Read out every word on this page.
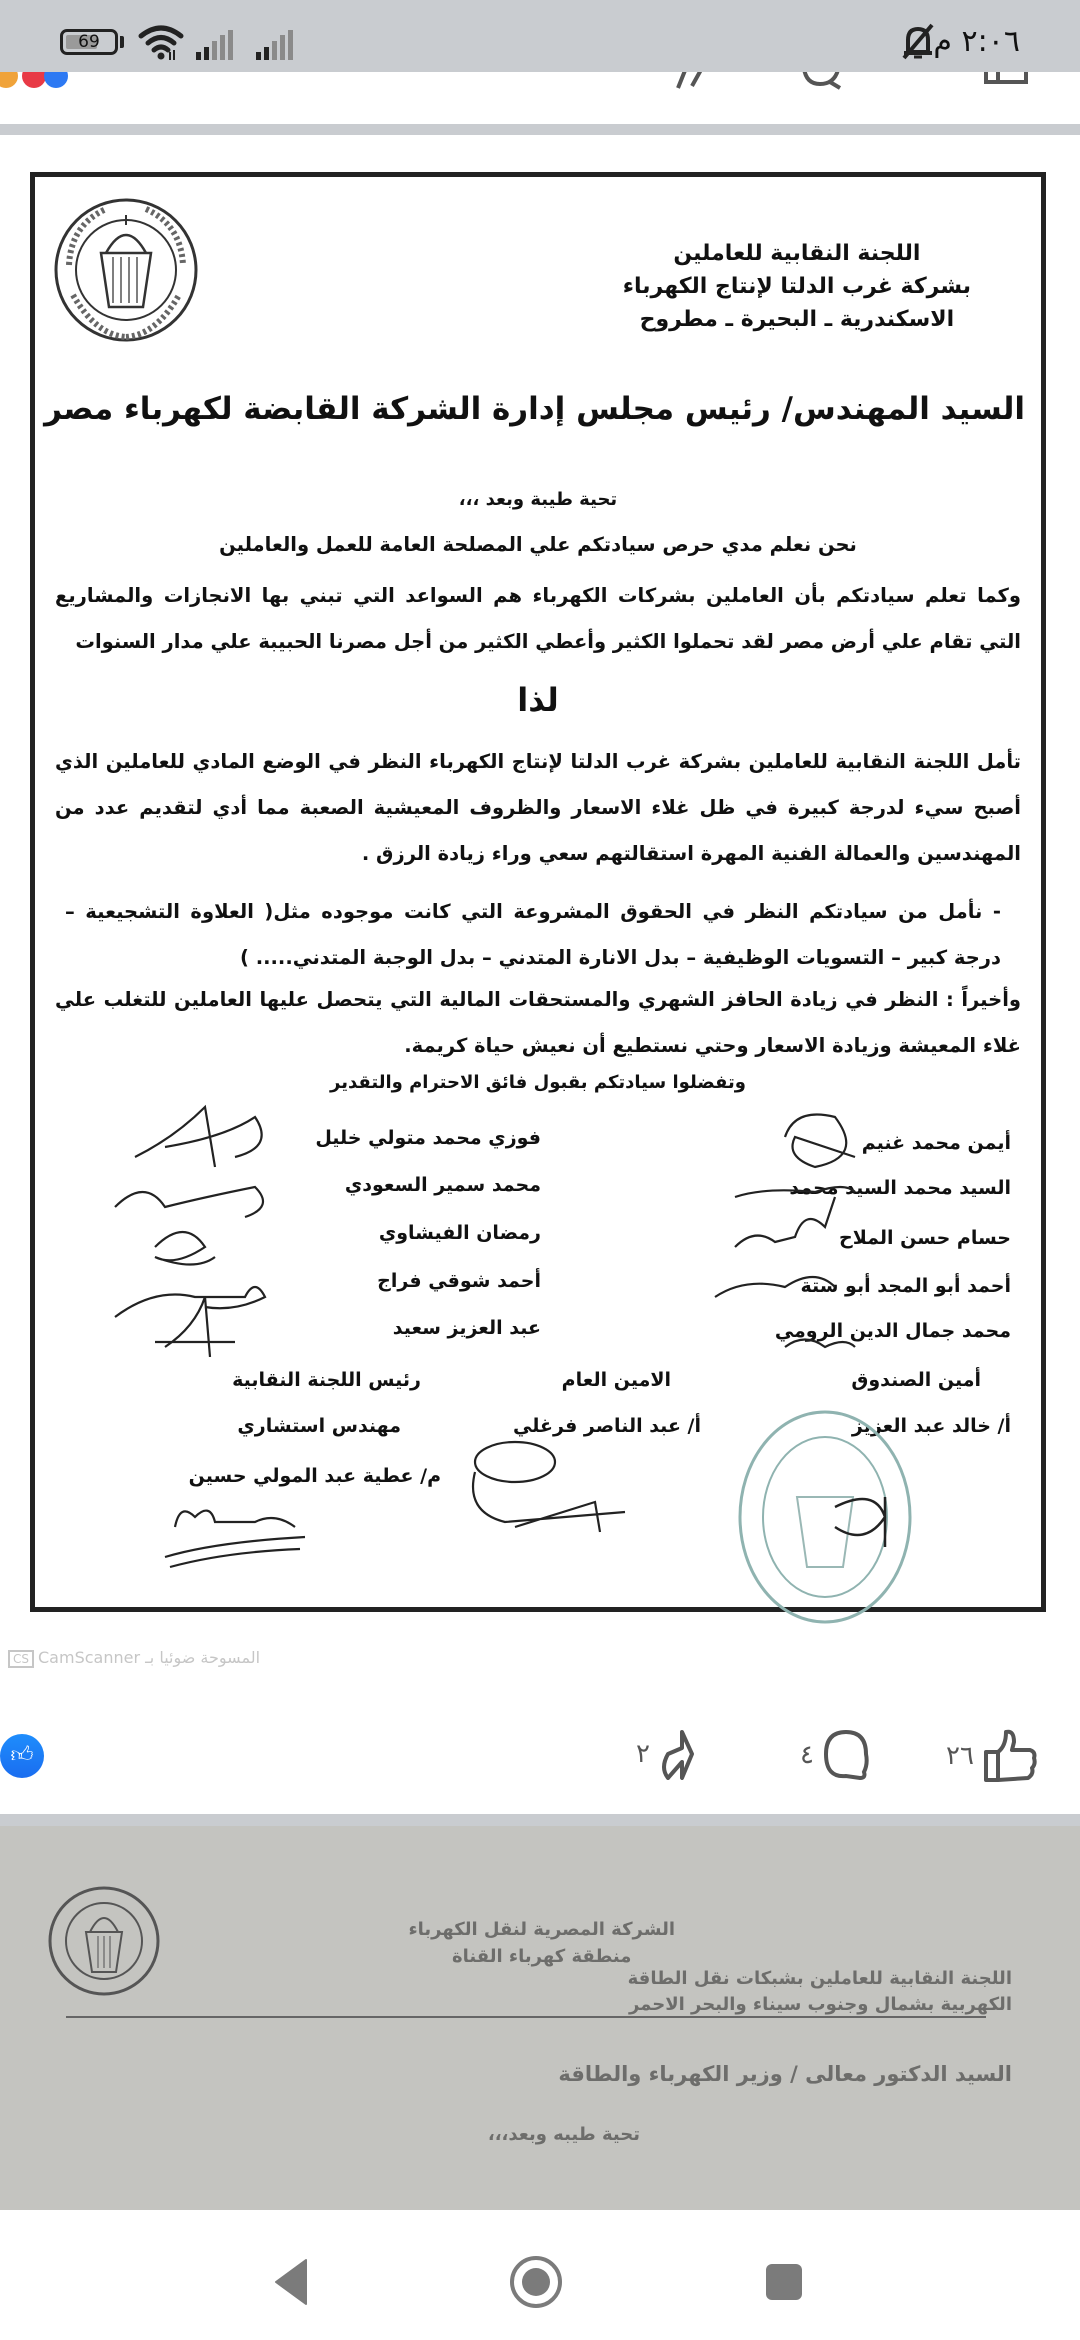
69	٢:٠٦ م
اللجنة النقابية للعاملين
بشركة غرب الدلتا لإنتاج الكهرباء
الاسكندرية ـ البحيرة ـ مطروح
السيد المهندس/ رئيس مجلس إدارة الشركة القابضة لكهرباء مصر
تحية طيبة وبعد ،،،
نحن نعلم مدي حرص سيادتكم علي المصلحة العامة للعمل والعاملين
وكما تعلم سيادتكم بأن العاملين بشركات الكهرباء هم السواعد التي تبني بها الانجازات والمشاريع التي تقام علي أرض مصر لقد تحملوا الكثير وأعطي الكثير من أجل مصرنا الحبيبة علي مدار السنوات
لذا
تأمل اللجنة النقابية للعاملين بشركة غرب الدلتا لإنتاج الكهرباء النظر في الوضع المادي للعاملين الذي أصبح سيء لدرجة كبيرة في ظل غلاء الاسعار والظروف المعيشية الصعبة مما أدي لتقديم عدد من المهندسين والعمالة الفنية المهرة استقالتهم سعي وراء زيادة الرزق .
- نأمل من سيادتكم النظر في الحقوق المشروعة التي كانت موجوده مثل( العلاوة التشجيعية – درجة كبير – التسويات الوظيفية – بدل الانارة المتدني – بدل الوجبة المتدني..... )
وأخيراً : النظر في زيادة الحافز الشهري والمستحقات المالية التي يتحصل عليها العاملين للتغلب علي غلاء المعيشة وزيادة الاسعار وحتي نستطيع أن نعيش حياة كريمة.
وتفضلوا سيادتكم بقبول فائق الاحترام والتقدير
أيمن محمد غنيم
السيد محمد السيد محمد
حسام حسن الملاح
أحمد أبو المجد أبو ستة
محمد جمال الدين الرومي
فوزي محمد متولي خليل
محمد سمير السعودي
رمضان الفيشاوي
أحمد شوقي فراج
عبد العزيز سعيد
أمين الصندوق
أ/ خالد عبد العزيز
الامين العام
أ/ عبد الناصر فرغلي
رئيس اللجنة النقابية
مهندس استشاري
م/ عطية عبد المولي حسين
CS CamScanner المسوحة ضوئيا بـ
👍︎	٢	٤	٢٦
الشركة المصرية لنقل الكهرباء
منطقة كهرباء القناة
اللجنة النقابية للعاملين بشبكات نقل الطاقة
الكهربية بشمال وجنوب سيناء والبحر الاحمر
السيد الدكتور معالى / وزير الكهرباء والطاقة
تحية طيبه وبعد،،،
